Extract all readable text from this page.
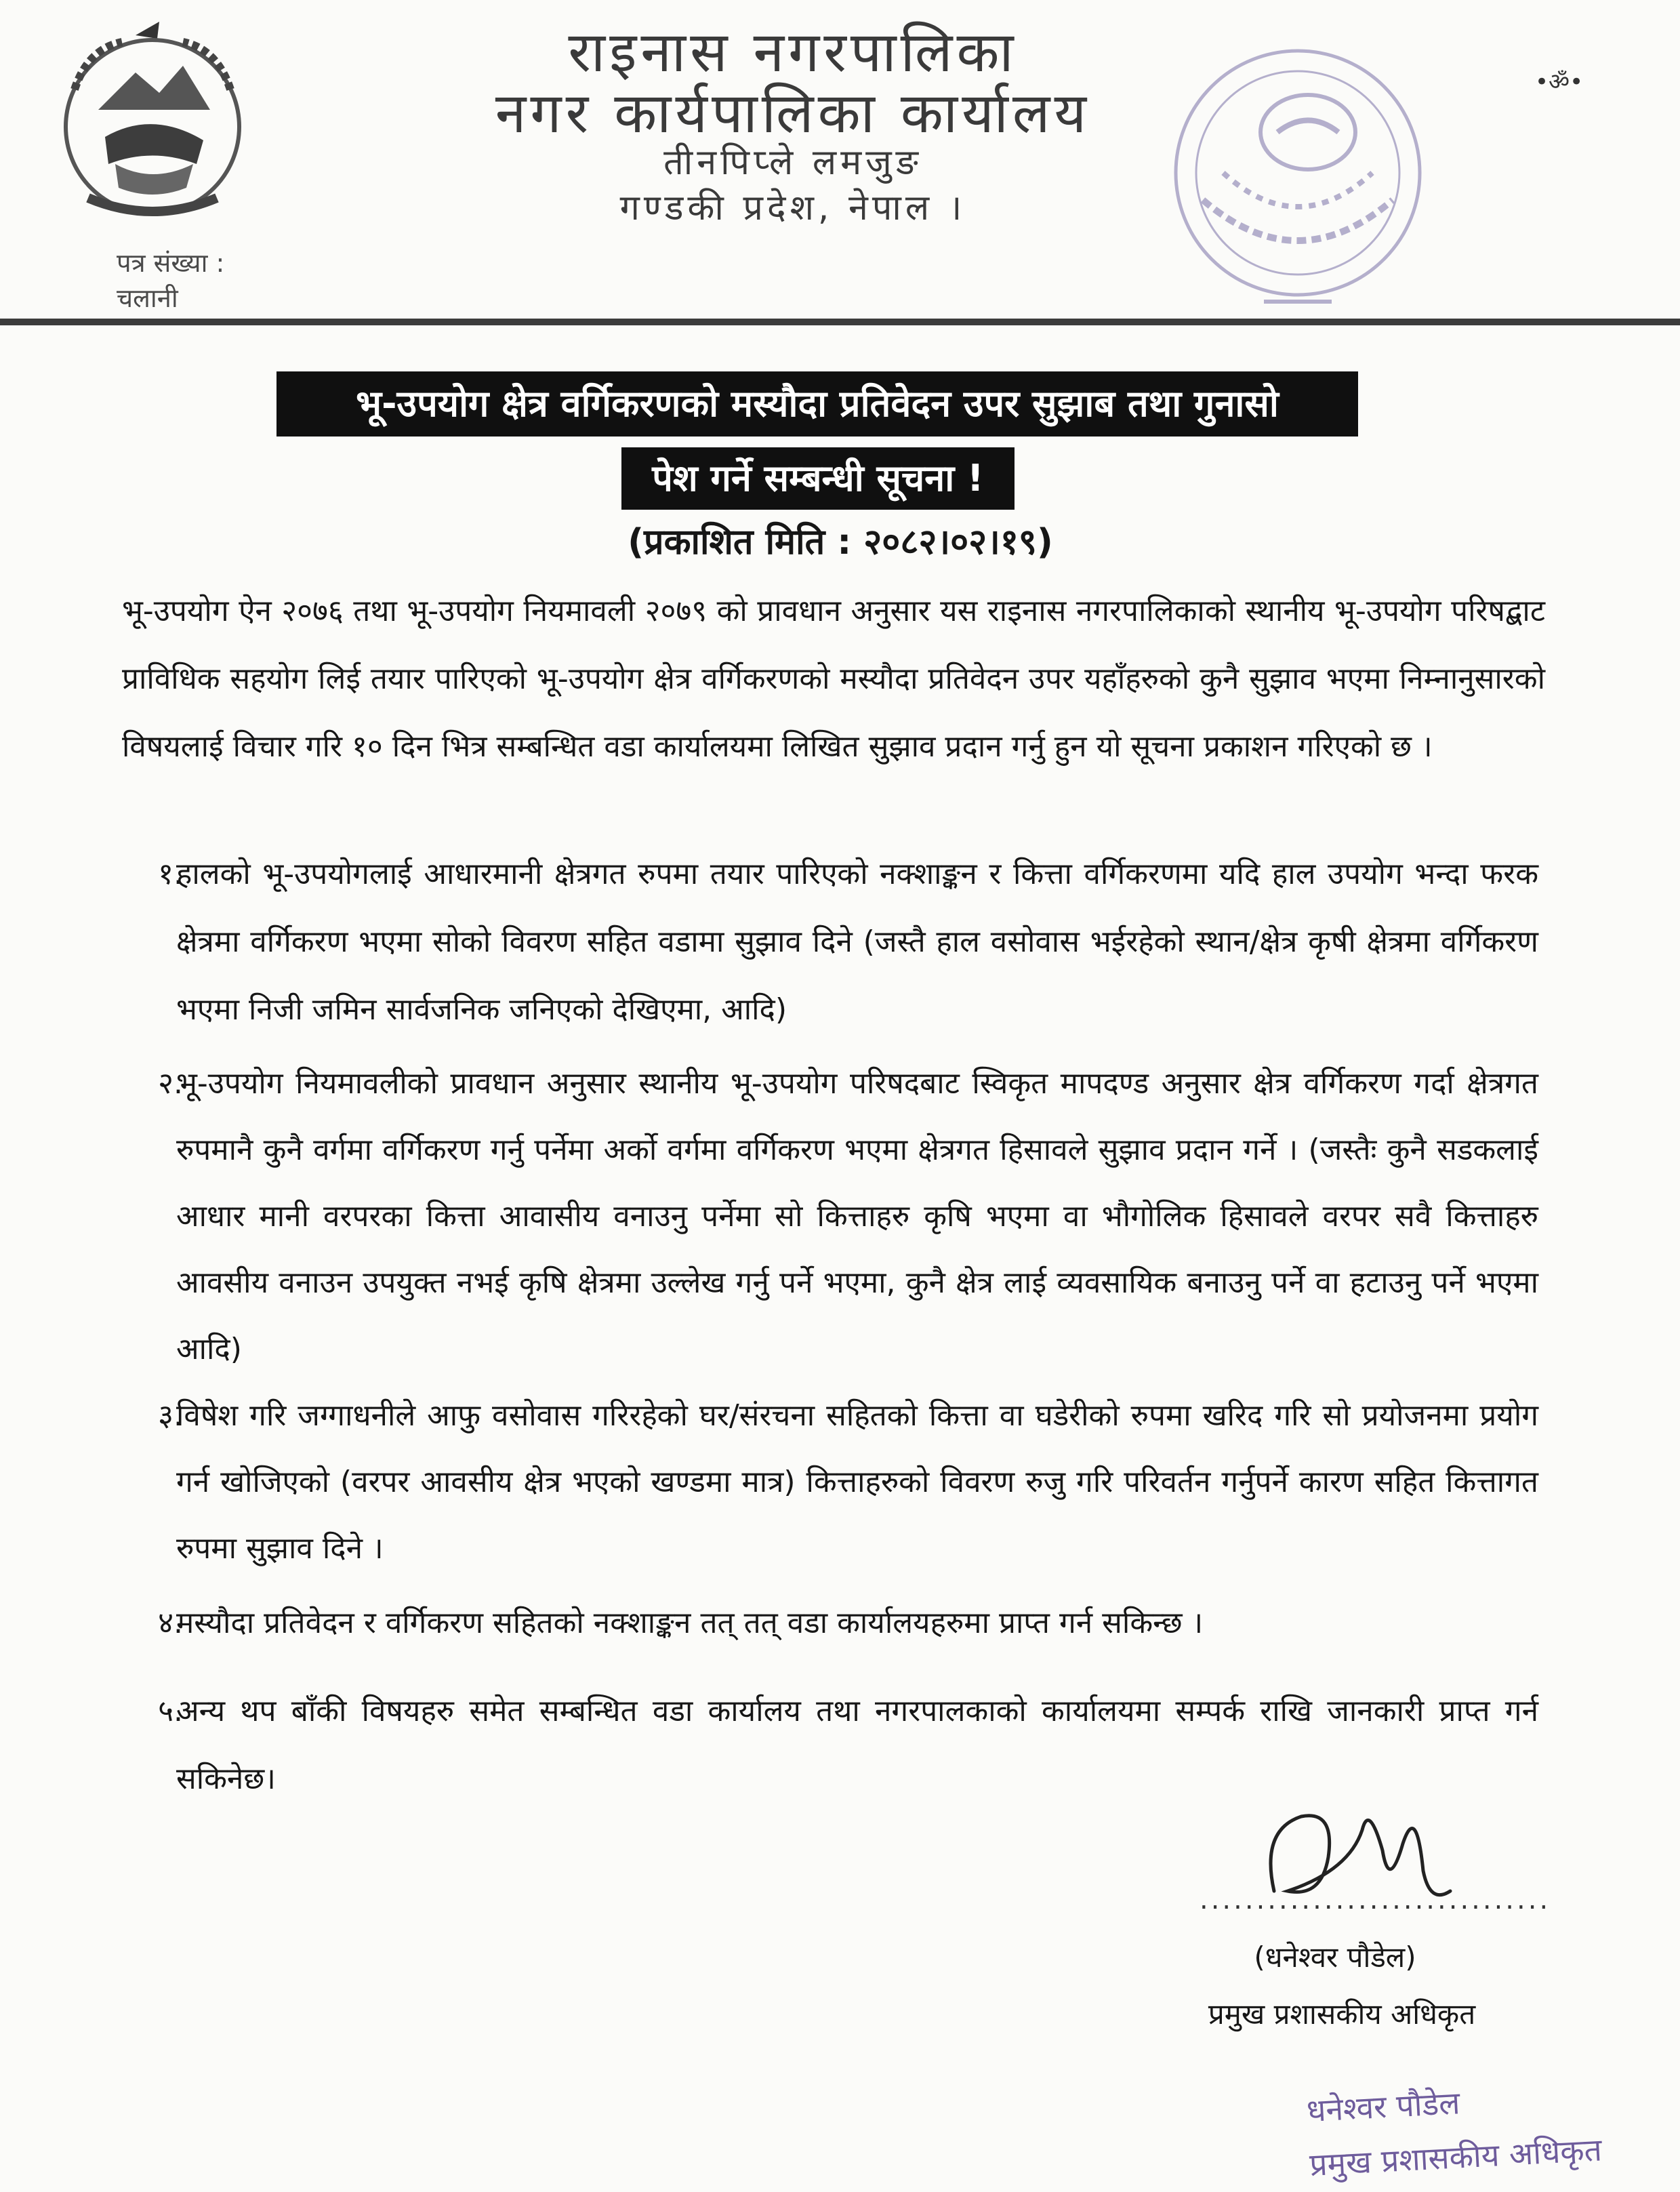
राइनास नगरपालिका
नगर कार्यपालिका कार्यालय
तीनपिप्ले लमजुङ
गण्डकी प्रदेश, नेपाल ।
पत्र संख्या :
चलानी
•ॐ•
भू-उपयोग क्षेत्र वर्गिकरणको मस्यौदा प्रतिवेदन उपर सुझाब तथा गुनासो
पेश गर्ने सम्बन्धी सूचना !
(प्रकाशित मिति : २०८२।०२।१९)
भू-उपयोग ऐन २०७६ तथा भू-उपयोग नियमावली २०७९ को प्रावधान अनुसार यस राइनास नगरपालिकाको स्थानीय भू-उपयोग परिषद्बाट प्राविधिक सहयोग लिई तयार पारिएको भू-उपयोग क्षेत्र वर्गिकरणको मस्यौदा प्रतिवेदन उपर यहाँहरुको कुनै सुझाव भएमा निम्नानुसारको विषयलाई विचार गरि १० दिन भित्र सम्बन्धित वडा कार्यालयमा लिखित सुझाव प्रदान गर्नु हुन यो सूचना प्रकाशन गरिएको छ ।
१.
हालको भू-उपयोगलाई आधारमानी क्षेत्रगत रुपमा तयार पारिएको नक्शाङ्कन र कित्ता वर्गिकरणमा यदि हाल उपयोग भन्दा फरक क्षेत्रमा वर्गिकरण भएमा सोको विवरण सहित वडामा सुझाव दिने (जस्तै हाल वसोवास भईरहेको स्थान/क्षेत्र कृषी क्षेत्रमा वर्गिकरण भएमा निजी जमिन सार्वजनिक जनिएको देखिएमा, आदि)
२.
भू-उपयोग नियमावलीको प्रावधान अनुसार स्थानीय भू-उपयोग परिषदबाट स्विकृत मापदण्ड अनुसार क्षेत्र वर्गिकरण गर्दा क्षेत्रगत रुपमानै कुनै वर्गमा वर्गिकरण गर्नु पर्नेमा अर्को वर्गमा वर्गिकरण भएमा क्षेत्रगत हिसावले सुझाव प्रदान गर्ने । (जस्तैः कुनै सडकलाई आधार मानी वरपरका कित्ता आवासीय वनाउनु पर्नेमा सो कित्ताहरु कृषि भएमा वा भौगोलिक हिसावले वरपर सवै कित्ताहरु आवसीय वनाउन उपयुक्त नभई कृषि क्षेत्रमा उल्लेख गर्नु पर्ने भएमा, कुनै क्षेत्र लाई व्यवसायिक बनाउनु पर्ने वा हटाउनु पर्ने भएमा आदि)
३.
विषेश गरि जग्गाधनीले आफु वसोवास गरिरहेको घर/संरचना सहितको कित्ता वा घडेरीको रुपमा खरिद गरि सो प्रयोजनमा प्रयोग गर्न खोजिएको (वरपर आवसीय क्षेत्र भएको खण्डमा मात्र) कित्ताहरुको विवरण रुजु गरि परिवर्तन गर्नुपर्ने कारण सहित कित्तागत रुपमा सुझाव दिने ।
४.
मस्यौदा प्रतिवेदन र वर्गिकरण सहितको नक्शाङ्कन तत् तत् वडा कार्यालयहरुमा प्राप्त गर्न सकिन्छ ।
५.
अन्य थप बाँकी विषयहरु समेत सम्बन्धित वडा कार्यालय तथा नगरपालकाको कार्यालयमा सम्पर्क राखि जानकारी प्राप्त गर्न सकिनेछ।
...............................
(धनेश्वर पौडेल)
प्रमुख प्रशासकीय अधिकृत
धनेश्वर पौडेल
प्रमुख प्रशासकीय अधिकृत
